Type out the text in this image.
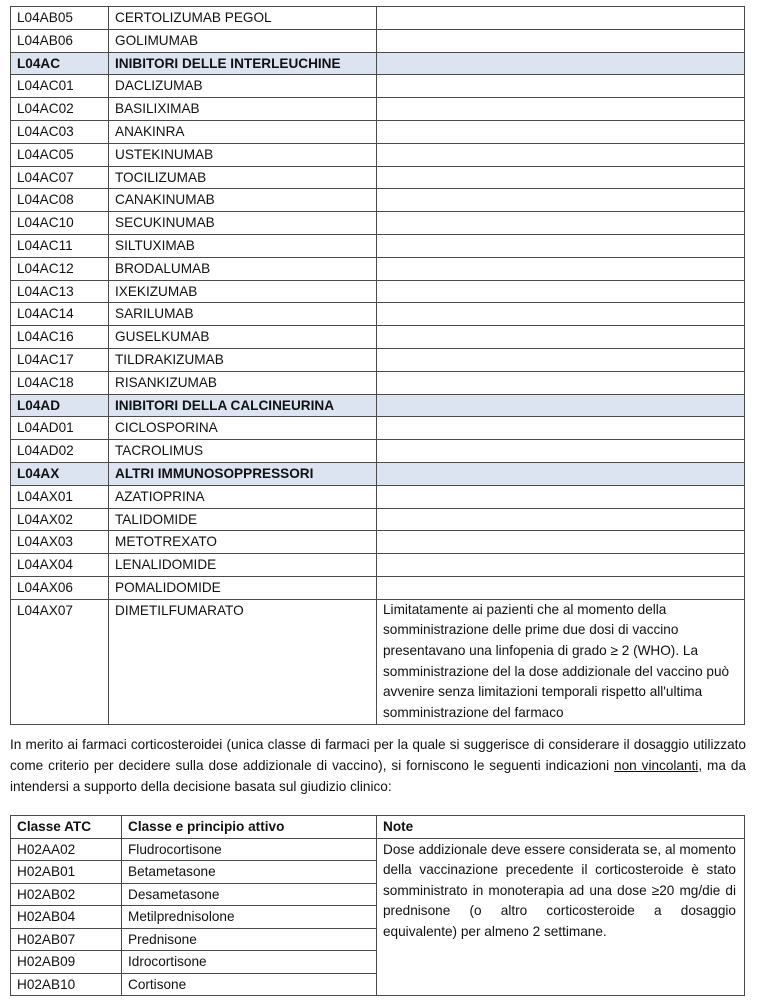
L04AB05	CERTOLIZUMAB PEGOL	
L04AB06	GOLIMUMAB	
L04AC	INIBITORI DELLE INTERLEUCHINE	
L04AC01	DACLIZUMAB	
L04AC02	BASILIXIMAB	
L04AC03	ANAKINRA	
L04AC05	USTEKINUMAB	
L04AC07	TOCILIZUMAB	
L04AC08	CANAKINUMAB	
L04AC10	SECUKINUMAB	
L04AC11	SILTUXIMAB	
L04AC12	BRODALUMAB	
L04AC13	IXEKIZUMAB	
L04AC14	SARILUMAB	
L04AC16	GUSELKUMAB	
L04AC17	TILDRAKIZUMAB	
L04AC18	RISANKIZUMAB	
L04AD	INIBITORI DELLA CALCINEURINA	
L04AD01	CICLOSPORINA	
L04AD02	TACROLIMUS	
L04AX	ALTRI IMMUNOSOPPRESSORI	
L04AX01	AZATIOPRINA	
L04AX02	TALIDOMIDE	
L04AX03	METOTREXATO	
L04AX04	LENALIDOMIDE	
L04AX06	POMALIDOMIDE	
L04AX07	DIMETILFUMARATO	Limitatamente ai pazienti che al momento della somministrazione delle prime due dosi di vaccino presentavano una linfopenia di grado ≥ 2 (WHO). La somministrazione del la dose addizionale del vaccino può avvenire senza limitazioni temporali rispetto all'ultima somministrazione del farmaco

In merito ai farmaci corticosteroidei (unica classe di farmaci per la quale si suggerisce di considerare il dosaggio utilizzato come criterio per decidere sulla dose addizionale di vaccino), si forniscono le seguenti indicazioni non vincolanti, ma da intendersi a supporto della decisione basata sul giudizio clinico:

Classe ATC	Classe e principio attivo	Note
H02AA02	Fludrocortisone	Dose addizionale deve essere considerata se, al momento della vaccinazione precedente il corticosteroide è stato somministrato in monoterapia ad una dose ≥20 mg/die di prednisone (o altro corticosteroide a dosaggio equivalente) per almeno 2 settimane.
H02AB01	Betametasone	
H02AB02	Desametasone	
H02AB04	Metilprednisolone	
H02AB07	Prednisone	
H02AB09	Idrocortisone	
H02AB10	Cortisone	
